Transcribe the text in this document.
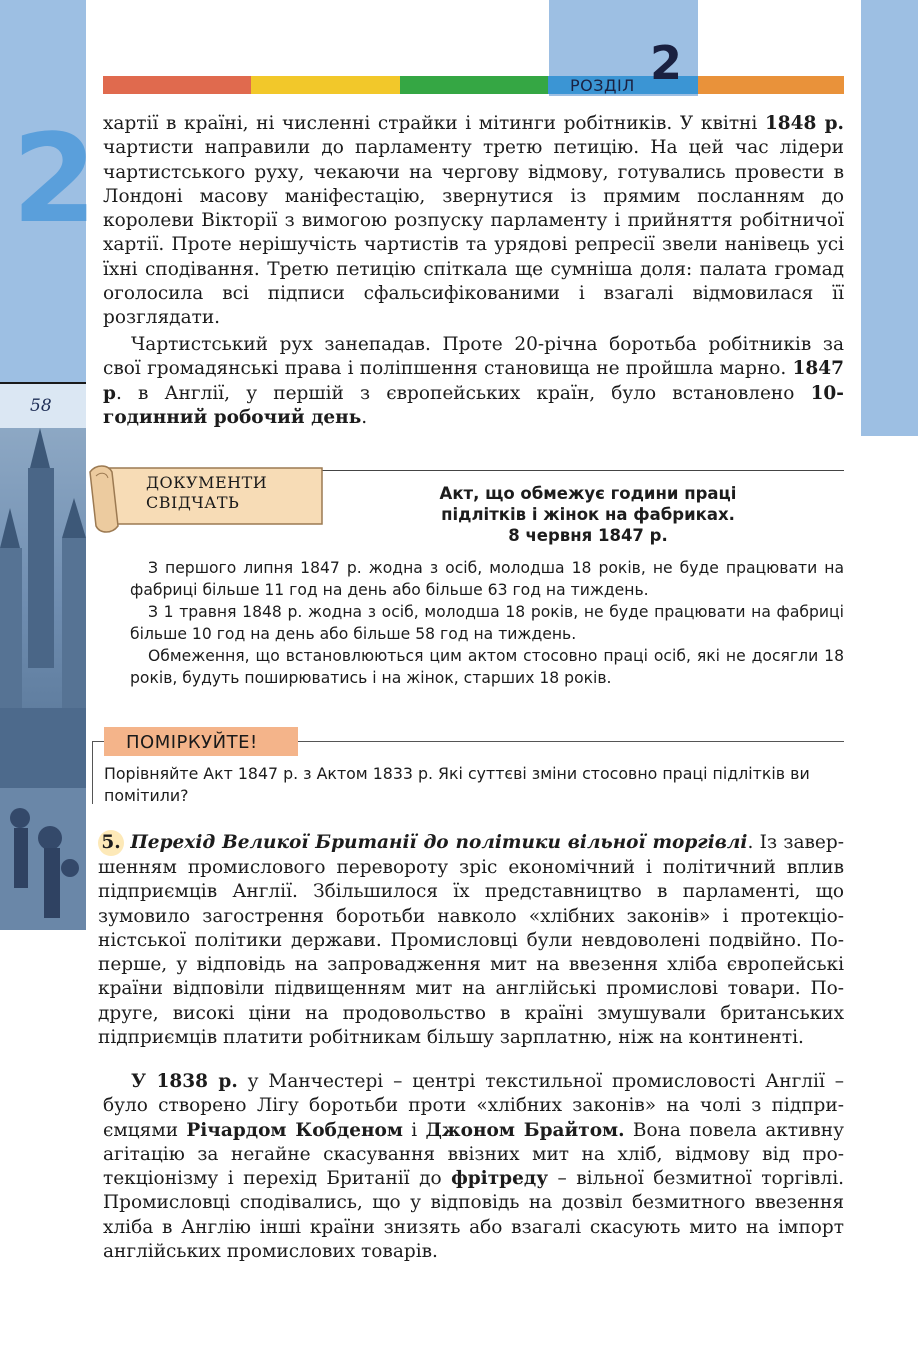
2
58
РОЗДІЛ 2

хартії в країні, ні численні страйки і мітинги робітників. У квітні 1848 р. чартисти направили до парламенту третю петицію. На цей час лідери чартистського руху, чекаючи на чергову відмову, готувались провести в Лондоні масову маніфестацію, звернутися із прямим посланням до королеви Вікторії з вимогою розпуску парламенту і прийняття робітничої хартії. Проте нерішучість чартистів та урядові репресії звели нанівець усі їхні сподівання. Третю петицію спіткала ще сумніша доля: палата громад оголосила всі підписи сфальсифікованими і взагалі відмовилася її розглядати.

Чартистський рух занепадав. Проте 20-річна боротьба робітників за свої громадянські права і поліпшення становища не пройшла марно. 1847 р. в Англії, у першій з європейських країн, було встановлено 10-годинний робочий день.

ДОКУМЕНТИ
СВІДЧАТЬ	Акт, що обмежує години праці
підлітків і жінок на фабриках.
8 червня 1847 р.

З першого липня 1847 р. жодна з осіб, молодша 18 років, не буде працювати на фабриці більше 11 год на день або більше 63 год на тиждень.

З 1 травня 1848 р. жодна з осіб, молодша 18 років, не буде працювати на фабриці більше 10 год на день або більше 58 год на тиждень.

Обмеження, що встановлюються цим актом стосовно праці осіб, які не досягли 18 років, будуть поширюватись і на жінок, старших 18 років.

ПОМІРКУЙТЕ!
Порівняйте Акт 1847 р. з Актом 1833 р. Які суттєві зміни стосовно праці підлітків ви помітили?

5. Перехід Великої Британії до політики вільної торгівлі. Із завершенням промислового перевороту зріс економічний і політичний вплив підприємців Англії. Збільшилося їх представництво в парламенті, що зумовило загострення боротьби навколо «хлібних законів» і протекціоністської політики держави. Промисловці були невдоволені подвійно. По-перше, у відповідь на запровадження мит на ввезення хліба європейські країни відповіли підвищенням мит на англійські промислові товари. По-друге, високі ціни на продовольство в країні змушували британських підприємців платити робітникам більшу зарплатню, ніж на континенті.

У 1838 р. у Манчестері – центрі текстильної промисловості Англії – було створено Лігу боротьби проти «хлібних законів» на чолі з підприємцями Річардом Кобденом і Джоном Брайтом. Вона повела активну агітацію за негайне скасування ввізних мит на хліб, відмову від протекціонізму і перехід Британії до фрітреду – вільної безмитної торгівлі. Промисловці сподівались, що у відповідь на дозвіл безмитного ввезення хліба в Англію інші країни знизять або взагалі скасують мито на імпорт англійських промислових товарів.
